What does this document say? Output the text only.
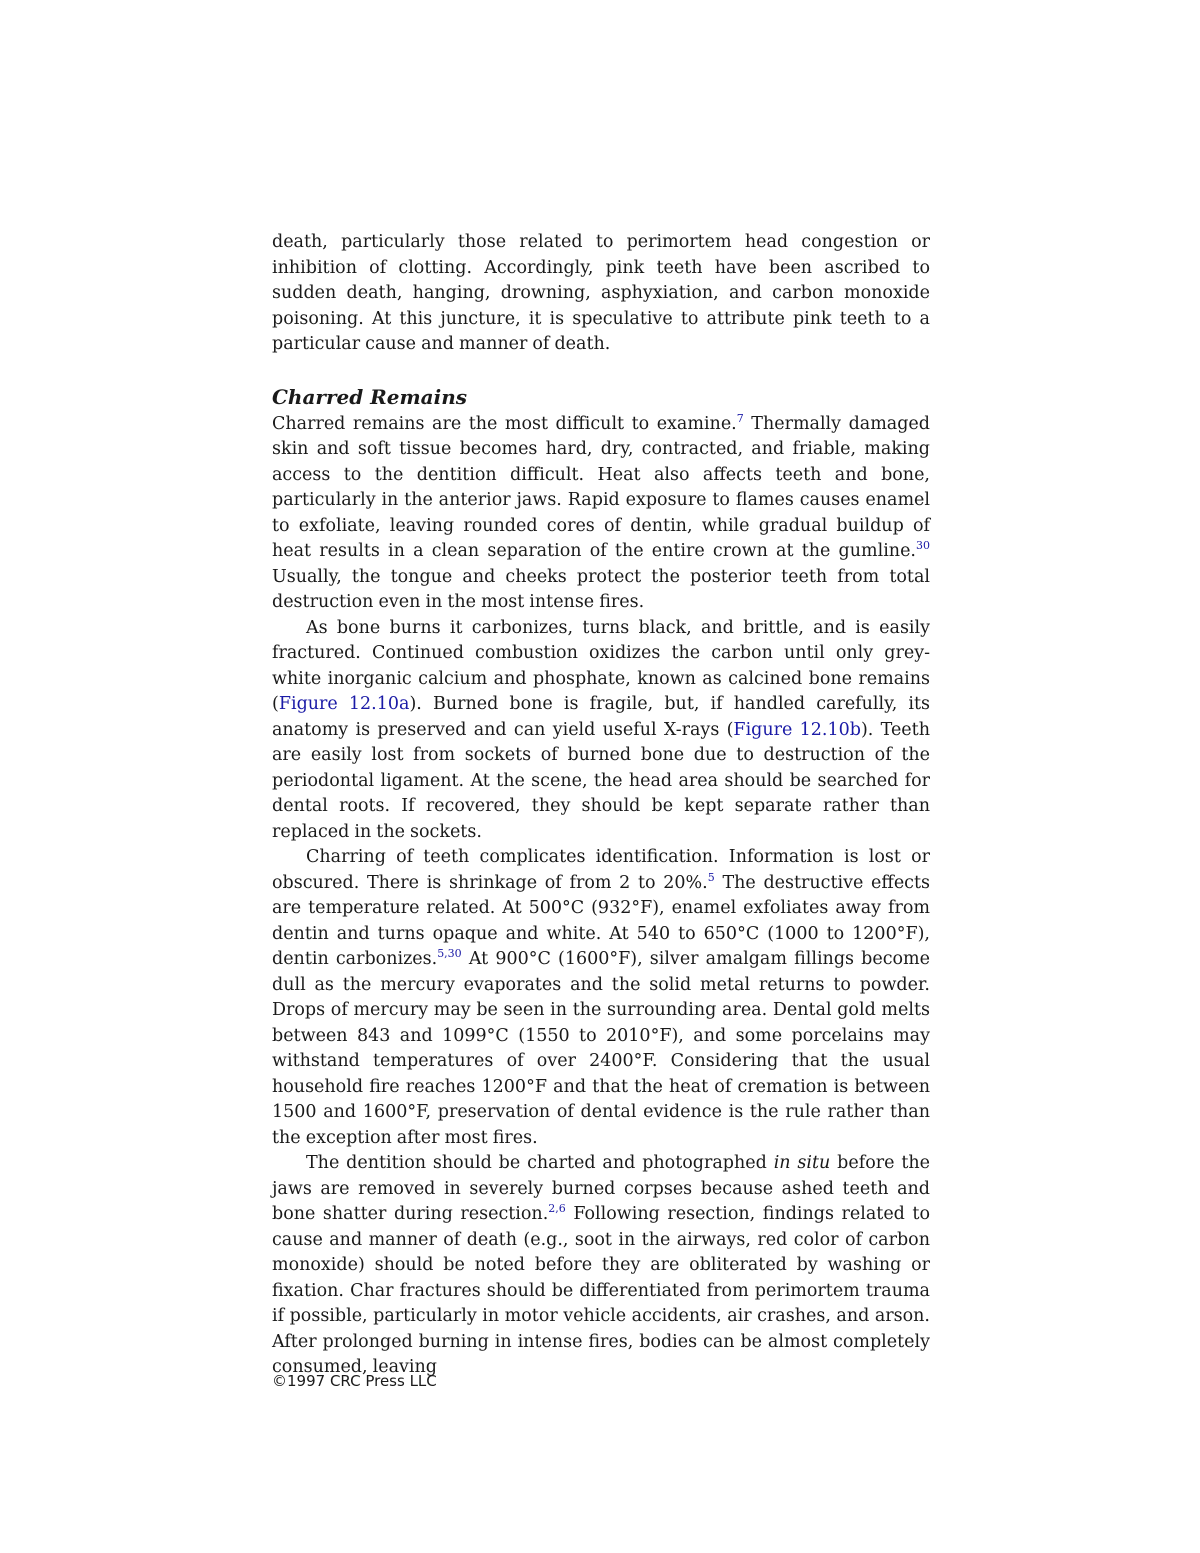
death, particularly those related to perimortem head congestion or inhibition of clotting. Accordingly, pink teeth have been ascribed to sudden death, hanging, drowning, asphyxiation, and carbon monoxide poisoning. At this juncture, it is speculative to attribute pink teeth to a particular cause and manner of death.

Charred Remains

Charred remains are the most difficult to examine.$^7$ Thermally damaged skin and soft tissue becomes hard, dry, contracted, and friable, making access to the dentition difficult. Heat also affects teeth and bone, particularly in the anterior jaws. Rapid exposure to flames causes enamel to exfoliate, leaving rounded cores of dentin, while gradual buildup of heat results in a clean separation of the entire crown at the gumline.$^{30}$ Usually, the tongue and cheeks protect the posterior teeth from total destruction even in the most intense fires.

As bone burns it carbonizes, turns black, and brittle, and is easily fractured. Continued combustion oxidizes the carbon until only grey-white inorganic calcium and phosphate, known as calcined bone remains (Figure 12.10a). Burned bone is fragile, but, if handled carefully, its anatomy is preserved and can yield useful X-rays (Figure 12.10b). Teeth are easily lost from sockets of burned bone due to destruction of the periodontal ligament. At the scene, the head area should be searched for dental roots. If recovered, they should be kept separate rather than replaced in the sockets.

Charring of teeth complicates identification. Information is lost or obscured. There is shrinkage of from 2 to 20%.$^5$ The destructive effects are temperature related. At 500°C (932°F), enamel exfoliates away from dentin and turns opaque and white. At 540 to 650°C (1000 to 1200°F), dentin carbonizes.$^{5,30}$ At 900°C (1600°F), silver amalgam fillings become dull as the mercury evaporates and the solid metal returns to powder. Drops of mercury may be seen in the surrounding area. Dental gold melts between 843 and 1099°C (1550 to 2010°F), and some porcelains may withstand temperatures of over 2400°F. Considering that the usual household fire reaches 1200°F and that the heat of cremation is between 1500 and 1600°F, preservation of dental evidence is the rule rather than the exception after most fires.

The dentition should be charted and photographed in situ before the jaws are removed in severely burned corpses because ashed teeth and bone shatter during resection.$^{2,6}$ Following resection, findings related to cause and manner of death (e.g., soot in the airways, red color of carbon monoxide) should be noted before they are obliterated by washing or fixation. Char fractures should be differentiated from perimortem trauma if possible, particularly in motor vehicle accidents, air crashes, and arson. After prolonged burning in intense fires, bodies can be almost completely consumed, leaving

©1997 CRC Press LLC
